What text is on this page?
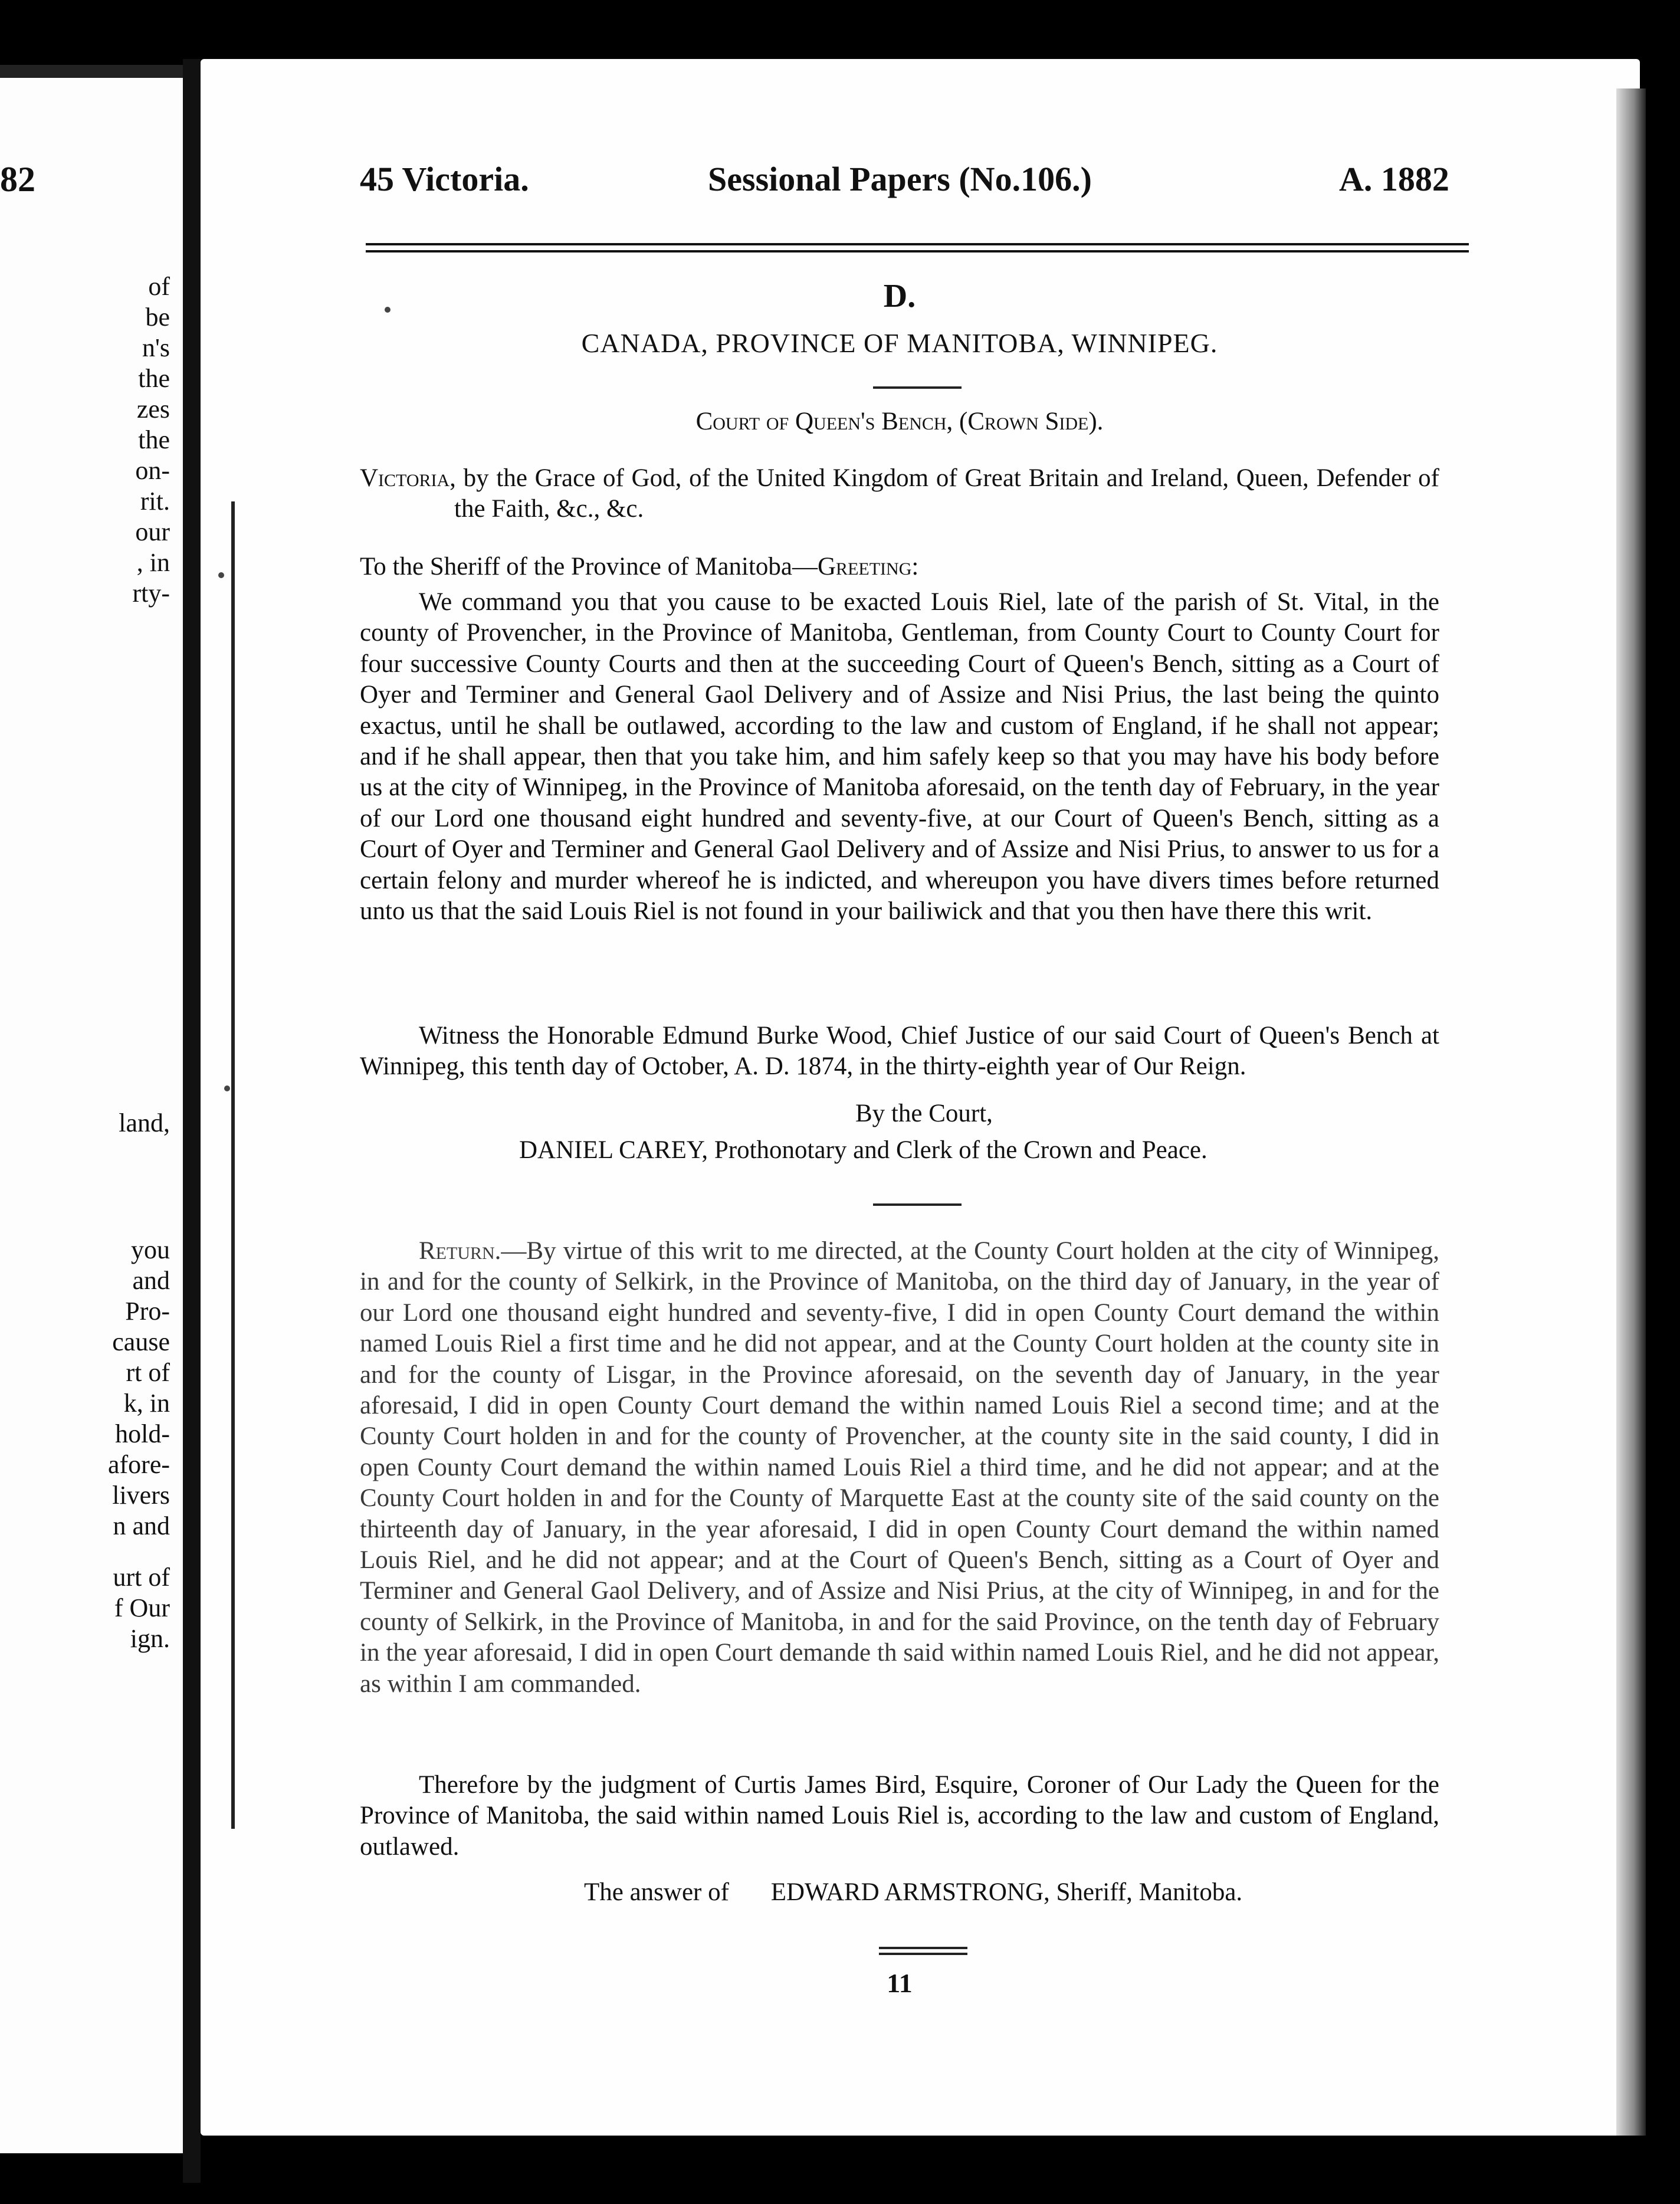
82
of
be
n's
the
zes
the
on-
rit.
our
, in
rty-
land,
you
and
Pro-
cause
rt of
k, in
hold-
afore-
livers
n and
urt of
f Our
ign.
45 Victoria.	Sessional Papers (No.106.)	A. 1882
D.
CANADA, PROVINCE OF MANITOBA, WINNIPEG.
Court of Queen's Bench, (Crown Side).

Victoria, by the Grace of God, of the United Kingdom of Great Britain and Ireland, Queen, Defender of the Faith, &c., &c.

To the Sheriff of the Province of Manitoba—Greeting:

We command you that you cause to be exacted Louis Riel, late of the parish of St. Vital, in the county of Provencher, in the Province of Manitoba, Gentleman, from County Court to County Court for four successive County Courts and then at the succeeding Court of Queen's Bench, sitting as a Court of Oyer and Terminer and General Gaol Delivery and of Assize and Nisi Prius, the last being the quinto exactus, until he shall be outlawed, according to the law and custom of England, if he shall not appear; and if he shall appear, then that you take him, and him safely keep so that you may have his body before us at the city of Winnipeg, in the Province of Manitoba aforesaid, on the tenth day of February, in the year of our Lord one thousand eight hundred and seventy-five, at our Court of Queen's Bench, sitting as a Court of Oyer and Terminer and General Gaol Delivery and of Assize and Nisi Prius, to answer to us for a certain felony and murder whereof he is indicted, and whereupon you have divers times before returned unto us that the said Louis Riel is not found in your bailiwick and that you then have there this writ.

Witness the Honorable Edmund Burke Wood, Chief Justice of our said Court of Queen's Bench at Winnipeg, this tenth day of October, A. D. 1874, in the thirty-eighth year of Our Reign.

By the Court,
DANIEL CAREY, Prothonotary and Clerk of the Crown and Peace.

Return.—By virtue of this writ to me directed, at the County Court holden at the city of Winnipeg, in and for the county of Selkirk, in the Province of Manitoba, on the third day of January, in the year of our Lord one thousand eight hundred and seventy-five, I did in open County Court demand the within named Louis Riel a first time and he did not appear, and at the County Court holden at the county site in and for the county of Lisgar, in the Province aforesaid, on the seventh day of January, in the year aforesaid, I did in open County Court demand the within named Louis Riel a second time; and at the County Court holden in and for the county of Provencher, at the county site in the said county, I did in open County Court demand the within named Louis Riel a third time, and he did not appear; and at the County Court holden in and for the County of Marquette East at the county site of the said county on the thirteenth day of January, in the year aforesaid, I did in open County Court demand the within named Louis Riel, and he did not appear; and at the Court of Queen's Bench, sitting as a Court of Oyer and Terminer and General Gaol Delivery, and of Assize and Nisi Prius, at the city of Winnipeg, in and for the county of Selkirk, in the Province of Manitoba, in and for the said Province, on the tenth day of February in the year aforesaid, I did in open Court demande th said within named Louis Riel, and he did not appear, as within I am commanded.

Therefore by the judgment of Curtis James Bird, Esquire, Coroner of Our Lady the Queen for the Province of Manitoba, the said within named Louis Riel is, according to the law and custom of England, outlawed.

The answer of EDWARD ARMSTRONG, Sheriff, Manitoba.
11
